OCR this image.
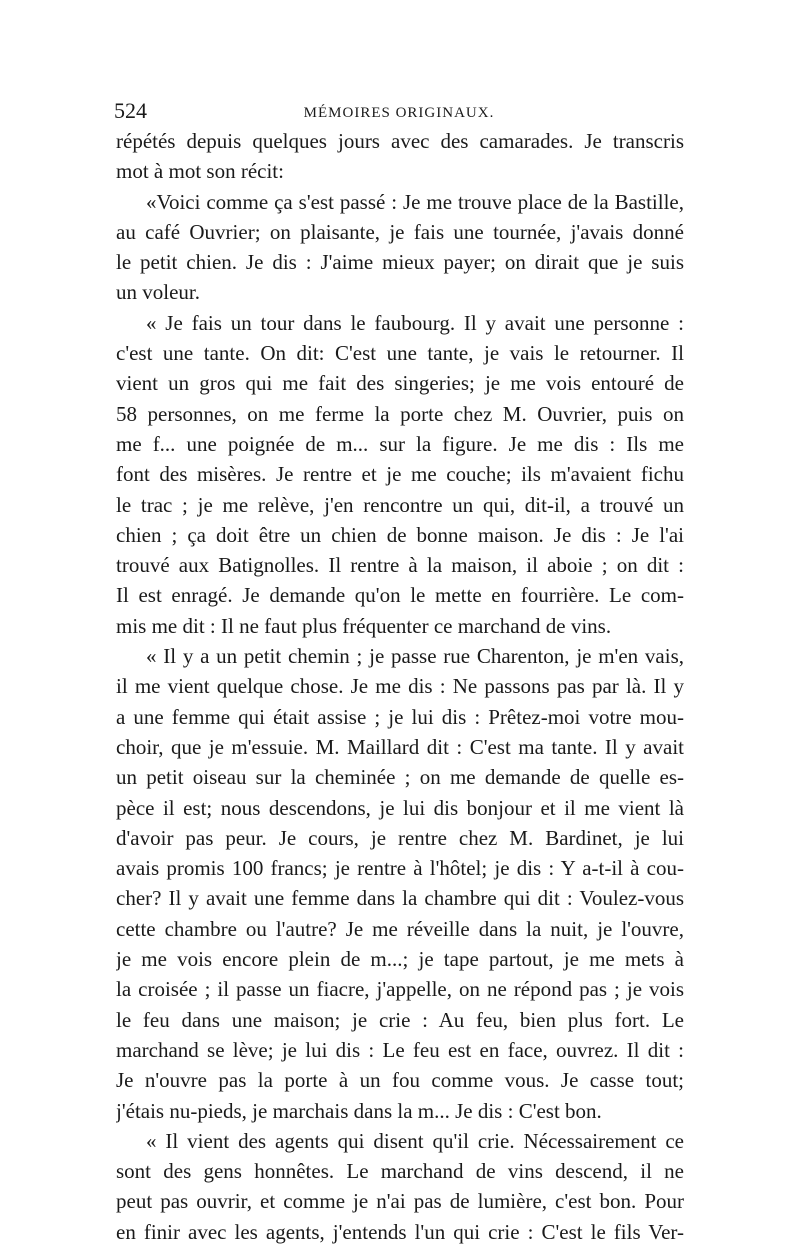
524	MÉMOIRES ORIGINAUX.

répétés depuis quelques jours avec des camarades. Je transcris
mot à mot son récit:

«Voici comme ça s'est passé : Je me trouve place de la Bastille,
au café Ouvrier; on plaisante, je fais une tournée, j'avais donné
le petit chien. Je dis : J'aime mieux payer; on dirait que je suis
un voleur.

« Je fais un tour dans le faubourg. Il y avait une personne :
c'est une tante. On dit: C'est une tante, je vais le retourner. Il
vient un gros qui me fait des singeries; je me vois entouré de
58 personnes, on me ferme la porte chez M. Ouvrier, puis on
me f... une poignée de m... sur la figure. Je me dis : Ils me
font des misères. Je rentre et je me couche; ils m'avaient fichu
le trac ; je me relève, j'en rencontre un qui, dit-il, a trouvé un
chien ; ça doit être un chien de bonne maison. Je dis : Je l'ai
trouvé aux Batignolles. Il rentre à la maison, il aboie ; on dit :
Il est enragé. Je demande qu'on le mette en fourrière. Le com-
mis me dit : Il ne faut plus fréquenter ce marchand de vins.

« Il y a un petit chemin ; je passe rue Charenton, je m'en vais,
il me vient quelque chose. Je me dis : Ne passons pas par là. Il y
a une femme qui était assise ; je lui dis : Prêtez-moi votre mou-
choir, que je m'essuie. M. Maillard dit : C'est ma tante. Il y avait
un petit oiseau sur la cheminée ; on me demande de quelle es-
pèce il est; nous descendons, je lui dis bonjour et il me vient là
d'avoir pas peur. Je cours, je rentre chez M. Bardinet, je lui
avais promis 100 francs; je rentre à l'hôtel; je dis : Y a-t-il à cou-
cher? Il y avait une femme dans la chambre qui dit : Voulez-vous
cette chambre ou l'autre? Je me réveille dans la nuit, je l'ouvre,
je me vois encore plein de m...; je tape partout, je me mets à
la croisée ; il passe un fiacre, j'appelle, on ne répond pas ; je vois
le feu dans une maison; je crie : Au feu, bien plus fort. Le
marchand se lève; je lui dis : Le feu est en face, ouvrez. Il dit :
Je n'ouvre pas la porte à un fou comme vous. Je casse tout;
j'étais nu-pieds, je marchais dans la m... Je dis : C'est bon.

« Il vient des agents qui disent qu'il crie. Nécessairement ce
sont des gens honnêtes. Le marchand de vins descend, il ne
peut pas ouvrir, et comme je n'ai pas de lumière, c'est bon. Pour
en finir avec les agents, j'entends l'un qui crie : C'est le fils Ver-
